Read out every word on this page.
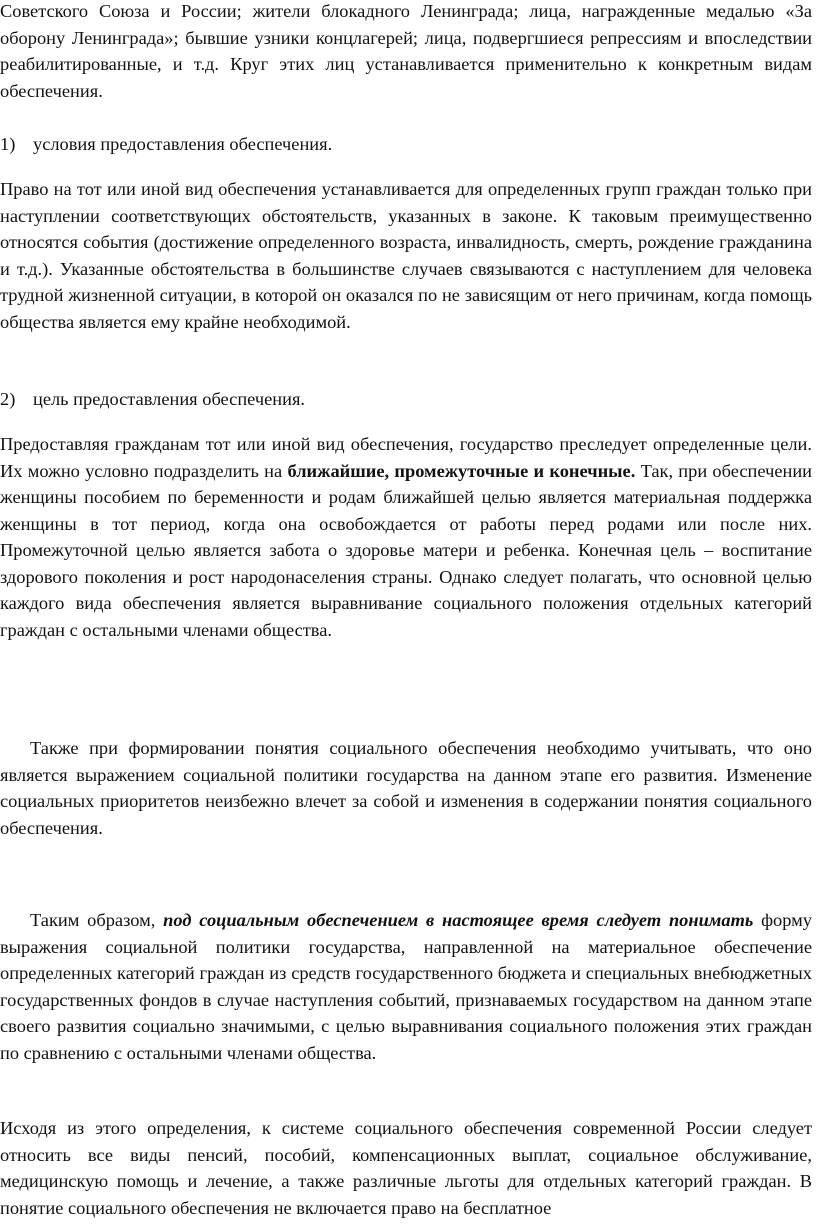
Советского Союза и России; жители блокадного Ленинграда; лица, награжденные медалью «За оборону Ленинграда»; бывшие узники концлагерей; лица, подвергшиеся репрессиям и впоследствии реабилитированные, и т.д. Круг этих лиц устанавливается применительно к конкретным видам обеспечения.

1) условия предоставления обеспечения.

Право на тот или иной вид обеспечения устанавливается для определенных групп граждан только при наступлении соответствующих обстоятельств, указанных в законе. К таковым преимущественно относятся события (достижение определенного возраста, инвалидность, смерть, рождение гражданина и т.д.). Указанные обстоятельства в большинстве случаев связываются с наступлением для человека трудной жизненной ситуации, в которой он оказался по не зависящим от него причинам, когда помощь общества является ему крайне необходимой.

2) цель предоставления обеспечения.

Предоставляя гражданам тот или иной вид обеспечения, государство преследует определенные цели. Их можно условно подразделить на ближайшие, промежуточные и конечные. Так, при обеспечении женщины пособием по беременности и родам ближайшей целью является материальная поддержка женщины в тот период, когда она освобождается от работы перед родами или после них. Промежуточной целью является забота о здоровье матери и ребенка. Конечная цель – воспитание здорового поколения и рост народонаселения страны. Однако следует полагать, что основной целью каждого вида обеспечения является выравнивание социального положения отдельных категорий граждан с остальными членами общества.

Также при формировании понятия социального обеспечения необходимо учитывать, что оно является выражением социальной политики государства на данном этапе его развития. Изменение социальных приоритетов неизбежно влечет за собой и изменения в содержании понятия социального обеспечения.

Таким образом, под социальным обеспечением в настоящее время следует понимать форму выражения социальной политики государства, направленной на материальное обеспечение определенных категорий граждан из средств государственного бюджета и специальных внебюджетных государственных фондов в случае наступления событий, признаваемых государством на данном этапе своего развития социально значимыми, с целью выравнивания социального положения этих граждан по сравнению с остальными членами общества.

Исходя из этого определения, к системе социального обеспечения современной России следует относить все виды пенсий, пособий, компенсационных выплат, социальное обслуживание, медицинскую помощь и лечение, а также различные льготы для отдельных категорий граждан. В понятие социального обеспечения не включается право на бесплатное
